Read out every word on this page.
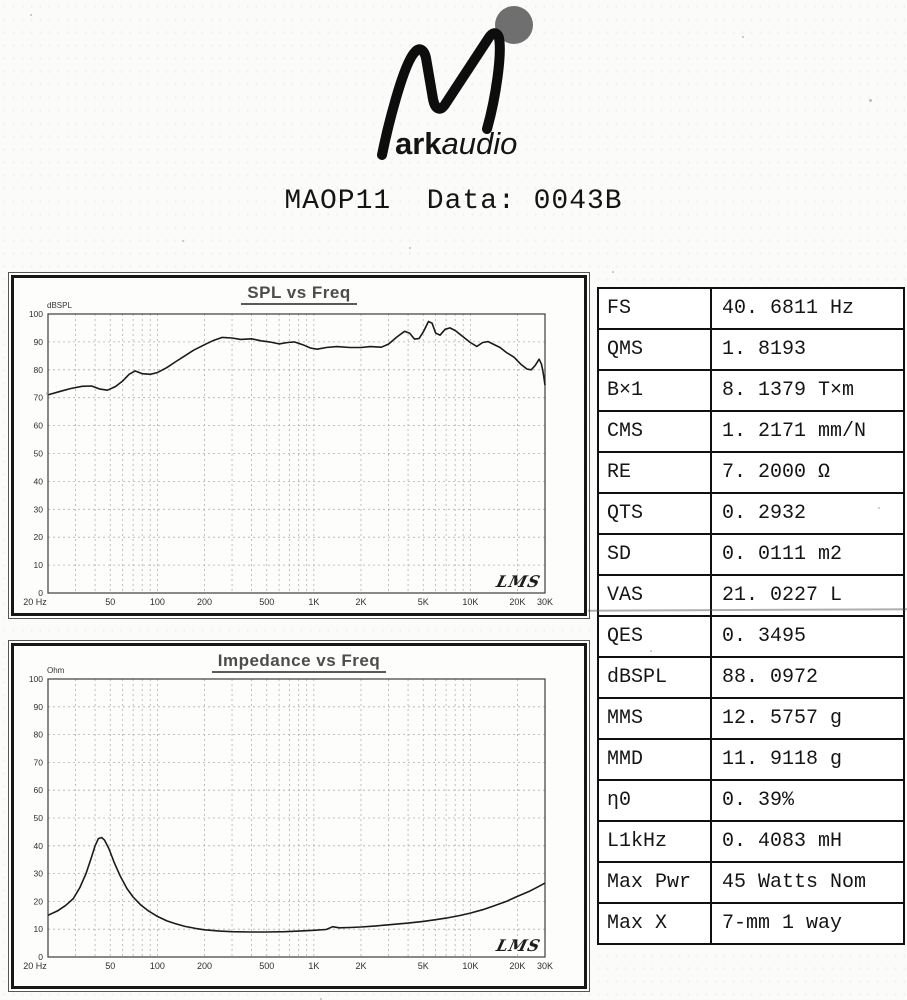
arkaudio
MAOP11  Data: 0043B
SPL vs Freq
0
10
20
30
40
50
60
70
80
90
100
dBSPL
20 Hz	50	100	200	500	1K	2K	5K	10K	20K 30K
LMS
Impedance vs Freq
0
10
20
30
40
50
60
70
80
90
100
Ohm
20 Hz	50	100	200	500	1K	2K	5K	10K	20K 30K
LMS
FS	40. 6811 Hz
QMS	1. 8193
B×1	8. 1379 T×m
CMS	1. 2171 mm/N
RE	7. 2000 Ω
QTS	0. 2932
SD	0. 0111 m2
VAS	21. 0227 L
QES	0. 3495
dBSPL	88. 0972
MMS	12. 5757 g
MMD	11. 9118 g
η0	0. 39%
L1kHz	0. 4083 mH
Max Pwr	45 Watts Nom
Max X	7-mm 1 way
